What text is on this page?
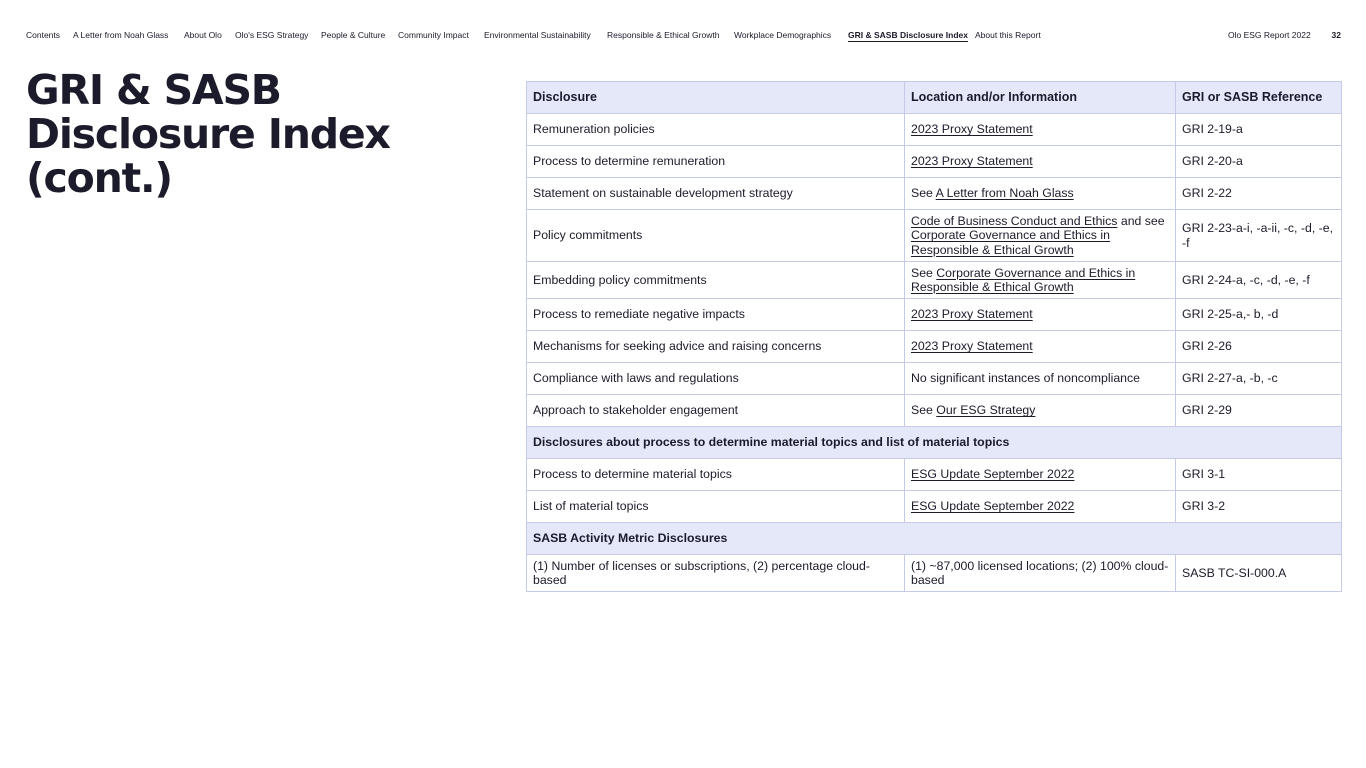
Contents A Letter from Noah Glass About Olo Olo's ESG Strategy People & Culture Community Impact Environmental Sustainability Responsible & Ethical Growth Workplace Demographics GRI & SASB Disclosure Index About this Report	Olo ESG Report 2022 32
GRI & SASB
Disclosure Index (cont.)
Disclosure	Location and/or Information	GRI or SASB Reference
Remuneration policies	2023 Proxy Statement	GRI 2-19-a
Process to determine remuneration	2023 Proxy Statement	GRI 2-20-a
Statement on sustainable development strategy	See A Letter from Noah Glass	GRI 2-22
Policy commitments	Code of Business Conduct and Ethics and see Corporate Governance and Ethics in Responsible & Ethical Growth	GRI 2-23-a-i, -a-ii, -c, -d, -e, -f
Embedding policy commitments	See Corporate Governance and Ethics in Responsible & Ethical Growth	GRI 2-24-a, -c, -d, -e, -f
Process to remediate negative impacts	2023 Proxy Statement	GRI 2-25-a,- b, -d
Mechanisms for seeking advice and raising concerns	2023 Proxy Statement	GRI 2-26
Compliance with laws and regulations	No significant instances of noncompliance	GRI 2-27-a, -b, -c
Approach to stakeholder engagement	See Our ESG Strategy	GRI 2-29
Disclosures about process to determine material topics and list of material topics		
Process to determine material topics	ESG Update September 2022	GRI 3-1
List of material topics	ESG Update September 2022	GRI 3-2
SASB Activity Metric Disclosures		
(1) Number of licenses or subscriptions, (2) percentage cloud-based	(1) ~87,000 licensed locations; (2) 100% cloud-based	SASB TC-SI-000.A
